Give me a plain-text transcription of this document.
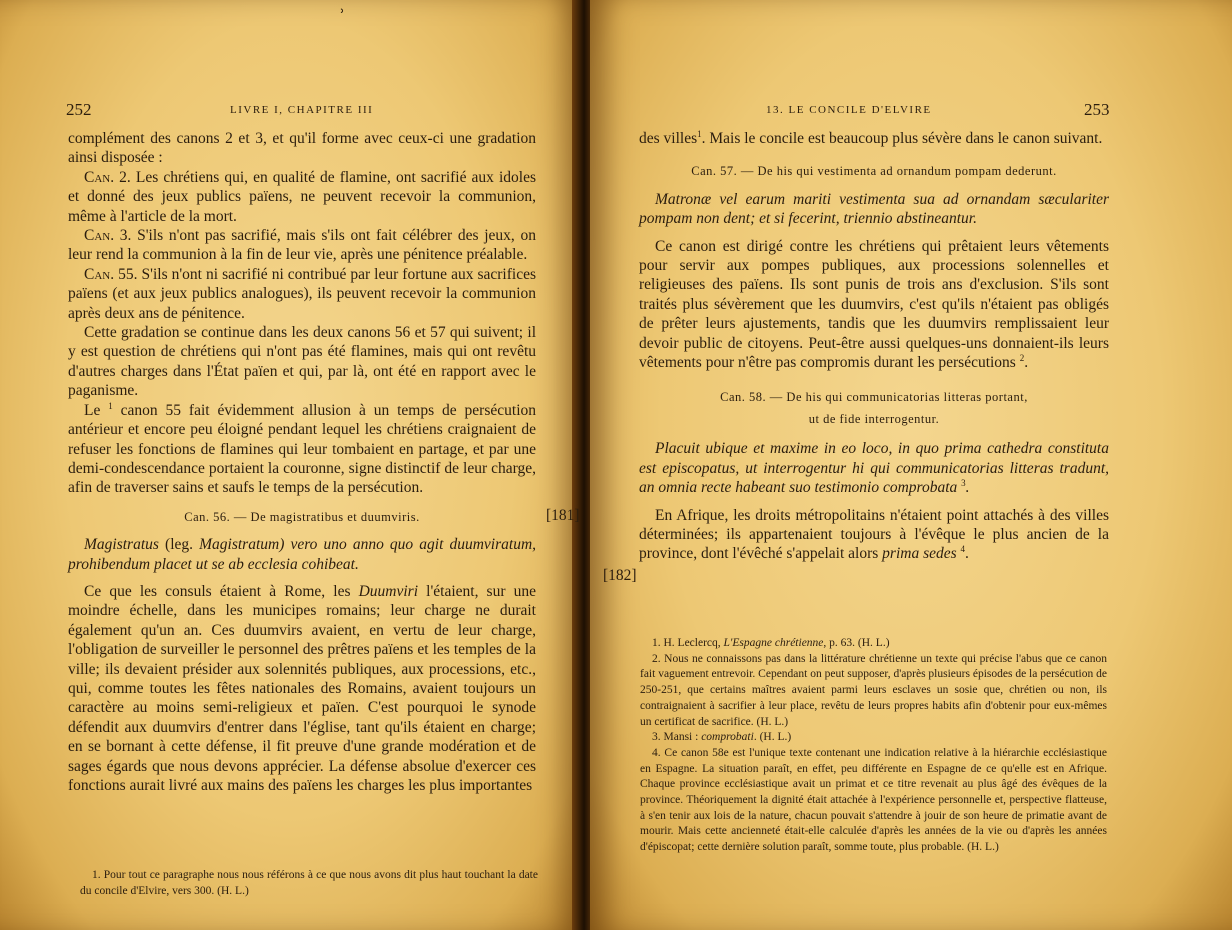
ʾ
252	LIVRE I, CHAPITRE III

complément des canons 2 et 3, et qu'il forme avec ceux-ci une gradation ainsi disposée :

Can. 2. Les chrétiens qui, en qualité de flamine, ont sacrifié aux idoles et donné des jeux publics païens, ne peuvent recevoir la communion, même à l'article de la mort.

Can. 3. S'ils n'ont pas sacrifié, mais s'ils ont fait célébrer des jeux, on leur rend la communion à la fin de leur vie, après une pénitence préalable.

Can. 55. S'ils n'ont ni sacrifié ni contribué par leur fortune aux sacrifices païens (et aux jeux publics analogues), ils peuvent recevoir la communion après deux ans de pénitence.

Cette gradation se continue dans les deux canons 56 et 57 qui suivent; il y est question de chrétiens qui n'ont pas été flamines, mais qui ont revêtu d'autres charges dans l'État païen et qui, par là, ont été en rapport avec le paganisme.

Le $^1$ canon 55 fait évidemment allusion à un temps de persécution antérieur et encore peu éloigné pendant lequel les chrétiens craignaient de refuser les fonctions de flamines qui leur tombaient en partage, et par une demi-condescendance portaient la couronne, signe distinctif de leur charge, afin de traverser sains et saufs le temps de la persécution.

Can. 56. — De magistratibus et duumviris.

Magistratus (leg. Magistratum) vero uno anno quo agit duumviratum, prohibendum placet ut se ab ecclesia cohibeat.

Ce que les consuls étaient à Rome, les Duumviri l'étaient, sur une moindre échelle, dans les municipes romains; leur charge ne durait également qu'un an. Ces duumvirs avaient, en vertu de leur charge, l'obligation de surveiller le personnel des prêtres païens et les temples de la ville; ils devaient présider aux solennités publiques, aux processions, etc., qui, comme toutes les fêtes nationales des Romains, avaient toujours un caractère au moins semi-religieux et païen. C'est pourquoi le synode défendit aux duumvirs d'entrer dans l'église, tant qu'ils étaient en charge; en se bornant à cette défense, il fit preuve d'une grande modération et de sages égards que nous devons apprécier. La défense absolue d'exercer ces fonctions aurait livré aux mains des païens les charges les plus importantes

1. Pour tout ce paragraphe nous nous référons à ce que nous avons dit plus haut touchant la date du concile d'Elvire, vers 300. (H. L.)

13. LE CONCILE D'ELVIRE	253

des villes$^1$. Mais le concile est beaucoup plus sévère dans le canon suivant.

Can. 57. — De his qui vestimenta ad ornandum pompam dederunt.

Matronæ vel earum mariti vestimenta sua ad ornandam sæculariter pompam non dent; et si fecerint, triennio abstineantur.

Ce canon est dirigé contre les chrétiens qui prêtaient leurs vêtements pour servir aux pompes publiques, aux processions solennelles et religieuses des païens. Ils sont punis de trois ans d'exclusion. S'ils sont traités plus sévèrement que les duumvirs, c'est qu'ils n'étaient pas obligés de prêter leurs ajustements, tandis que les duumvirs remplissaient leur devoir public de citoyens. Peut-être aussi quelques-uns donnaient-ils leurs vêtements pour n'être pas compromis durant les persécutions $^2$.

Can. 58. — De his qui communicatorias litteras portant,

ut de fide interrogentur.

Placuit ubique et maxime in eo loco, in quo prima cathedra constituta est episcopatus, ut interrogentur hi qui communicatorias litteras tradunt, an omnia recte habeant suo testimonio comprobata $^3$.

En Afrique, les droits métropolitains n'étaient point attachés à des villes déterminées; ils appartenaient toujours à l'évêque le plus ancien de la province, dont l'évêché s'appelait alors prima sedes $^4$.

1. H. Leclercq, L'Espagne chrétienne, p. 63. (H. L.)

2. Nous ne connaissons pas dans la littérature chrétienne un texte qui précise l'abus que ce canon fait vaguement entrevoir. Cependant on peut supposer, d'après plusieurs épisodes de la persécution de 250-251, que certains maîtres avaient parmi leurs esclaves un sosie que, chrétien ou non, ils contraignaient à sacrifier à leur place, revêtu de leurs propres habits afin d'obtenir pour eux-mêmes un certificat de sacrifice. (H. L.)

3. Mansi : comprobati. (H. L.)

4. Ce canon 58e est l'unique texte contenant une indication relative à la hiérarchie ecclésiastique en Espagne. La situation paraît, en effet, peu différente en Espagne de ce qu'elle est en Afrique. Chaque province ecclésiastique avait un primat et ce titre revenait au plus âgé des évêques de la province. Théoriquement la dignité était attachée à l'expérience personnelle et, perspective flatteuse, à s'en tenir aux lois de la nature, chacun pouvait s'attendre à jouir de son heure de primatie avant de mourir. Mais cette ancienneté était-elle calculée d'après les années de la vie ou d'après les années d'épiscopat; cette dernière solution paraît, somme toute, plus probable. (H. L.)

[181]
[182]
